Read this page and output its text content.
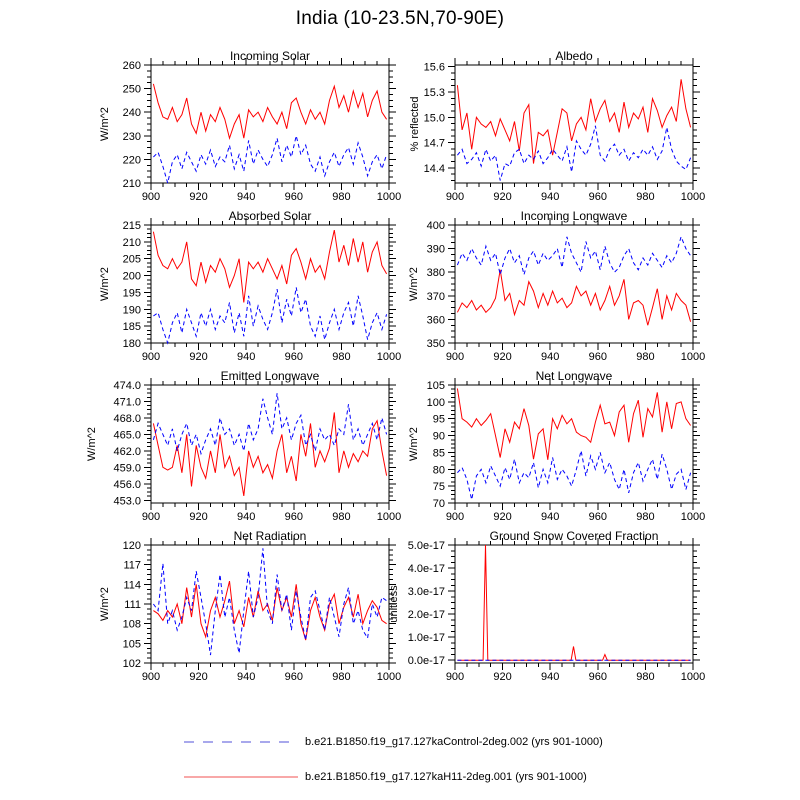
India (10-23.5N,70-90E)
Incoming Solar
W/m^2
900	920	940	960	980 1000
210
220
230
240
250
260
Albedo
% reflected
900	920	940	960	980 1000
14.4
14.7
15.0
15.3
15.6
Absorbed Solar
W/m^2
900	920	940	960	980 1000
180
185
190
195
200
205
210
215
Incoming Longwave
W/m^2
900	920	940	960	980 1000
350
360
370
380
390
400
Emitted Longwave
W/m^2
900	920	940	960	980 1000
453.0
456.0
459.0
462.0
465.0
468.0
471.0
474.0
Net Longwave
W/m^2
900	920	940	960	980 1000
70
75
80
85
90
95
100
105
Net Radiation
W/m^2
900	920	940	960	980 1000
102
105
108
111
114
117
120
Ground Snow Covered Fraction
unitless
900	920	940	960	980 1000
0.0e-17
1.0e-17
2.0e-17
3.0e-17
4.0e-17
5.0e-17
b.e21.B1850.f19_g17.127kaControl-2deg.002 (yrs 901-1000)
b.e21.B1850.f19_g17.127kaH11-2deg.001 (yrs 901-1000)
